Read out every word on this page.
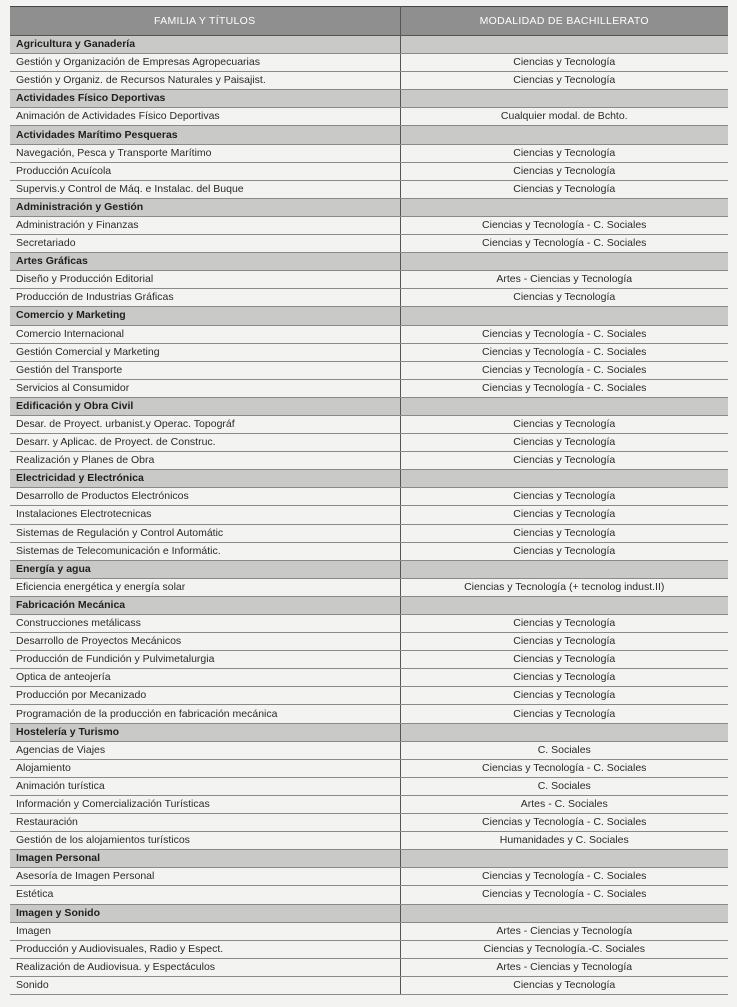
FAMILIA Y TÍTULOS	MODALIDAD DE BACHILLERATO
Agricultura y Ganadería	
Gestión y Organización de Empresas Agropecuarias	Ciencias y Tecnología
Gestión y Organiz. de Recursos Naturales y Paisajist.	Ciencias y Tecnología
Actividades Físico Deportivas	
Animación de Actividades Físico Deportivas	Cualquier modal. de Bchto.
Actividades Marítimo Pesqueras	
Navegación, Pesca y Transporte Marítimo	Ciencias y Tecnología
Producción Acuícola	Ciencias y Tecnología
Supervis.y Control de Máq. e Instalac. del Buque	Ciencias y Tecnología
Administración y Gestión	
Administración y Finanzas	Ciencias y Tecnología - C. Sociales
Secretariado	Ciencias y Tecnología - C. Sociales
Artes Gráficas	
Diseño y Producción Editorial	Artes - Ciencias y Tecnología
Producción de Industrias Gráficas	Ciencias y Tecnología
Comercio y Marketing	
Comercio Internacional	Ciencias y Tecnología - C. Sociales
Gestión Comercial y Marketing	Ciencias y Tecnología - C. Sociales
Gestión del Transporte	Ciencias y Tecnología - C. Sociales
Servicios al Consumidor	Ciencias y Tecnología - C. Sociales
Edificación y Obra Civil	
Desar. de Proyect. urbanist.y Operac. Topográf	Ciencias y Tecnología
Desarr. y Aplicac. de Proyect. de Construc.	Ciencias y Tecnología
Realización y Planes de Obra	Ciencias y Tecnología
Electricidad y Electrónica	
Desarrollo de Productos Electrónicos	Ciencias y Tecnología
Instalaciones Electrotecnicas	Ciencias y Tecnología
Sistemas de Regulación y Control Automátic	Ciencias y Tecnología
Sistemas de Telecomunicación e Informátic.	Ciencias y Tecnología
Energía y agua	
Eficiencia energética y energía solar	Ciencias y Tecnología (+ tecnolog indust.II)
Fabricación Mecánica	
Construcciones metálicass	Ciencias y Tecnología
Desarrollo de Proyectos Mecánicos	Ciencias y Tecnología
Producción de Fundición y Pulvimetalurgia	Ciencias y Tecnología
Optica de anteojería	Ciencias y Tecnología
Producción por Mecanizado	Ciencias y Tecnología
Programación de la producción en fabricación mecánica	Ciencias y Tecnología
Hostelería y Turismo	
Agencias de Viajes	C. Sociales
Alojamiento	Ciencias y Tecnología - C. Sociales
Animación turística	C. Sociales
Información y Comercialización Turísticas	Artes - C. Sociales
Restauración	Ciencias y Tecnología - C. Sociales
Gestión de los alojamientos turísticos	Humanidades y C. Sociales
Imagen Personal	
Asesoría de Imagen Personal	Ciencias y Tecnología - C. Sociales
Estética	Ciencias y Tecnología - C. Sociales
Imagen y Sonido	
Imagen	Artes - Ciencias y Tecnología
Producción y Audiovisuales, Radio y Espect.	Ciencias y Tecnología.-C. Sociales
Realización de Audiovisua. y Espectáculos	Artes - Ciencias y Tecnología
Sonido	Ciencias y Tecnología
